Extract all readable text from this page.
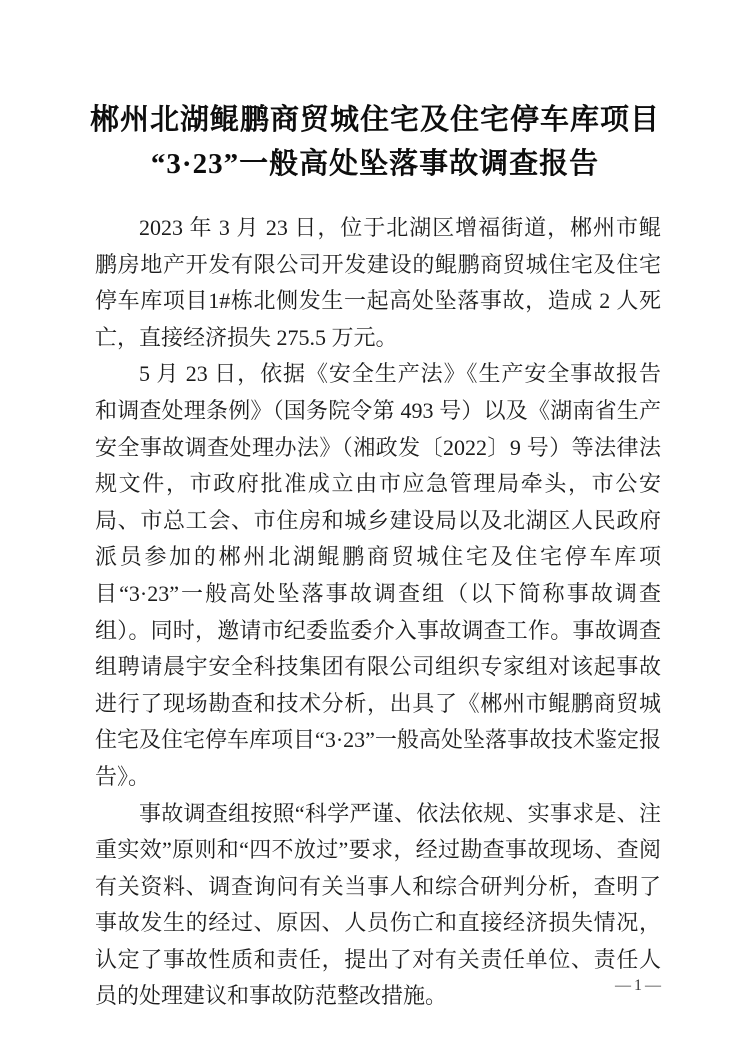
郴州北湖鲲鹏商贸城住宅及住宅停车库项目
“3·23”一般高处坠落事故调查报告

2023 年 3 月 23 日，位于北湖区增福街道，郴州市鲲鹏房地产开发有限公司开发建设的鲲鹏商贸城住宅及住宅停车库项目1#栋北侧发生一起高处坠落事故，造成 2 人死亡，直接经济损失 275.5 万元。

5 月 23 日，依据《安全生产法》《生产安全事故报告和调查处理条例》（国务院令第 493 号）以及《湖南省生产安全事故调查处理办法》（湘政发〔2022〕9 号）等法律法规文件，市政府批准成立由市应急管理局牵头，市公安局、市总工会、市住房和城乡建设局以及北湖区人民政府派员参加的郴州北湖鲲鹏商贸城住宅及住宅停车库项目“3·23”一般高处坠落事故调查组（以下简称事故调查组）。同时，邀请市纪委监委介入事故调查工作。事故调查组聘请晨宇安全科技集团有限公司组织专家组对该起事故进行了现场勘查和技术分析，出具了《郴州市鲲鹏商贸城住宅及住宅停车库项目“3·23”一般高处坠落事故技术鉴定报告》。

事故调查组按照“科学严谨、依法依规、实事求是、注重实效”原则和“四不放过”要求，经过勘查事故现场、查阅有关资料、调查询问有关当事人和综合研判分析，查明了事故发生的经过、原因、人员伤亡和直接经济损失情况，认定了事故性质和责任，提出了对有关责任单位、责任人员的处理建议和事故防范整改措施。	—1—
